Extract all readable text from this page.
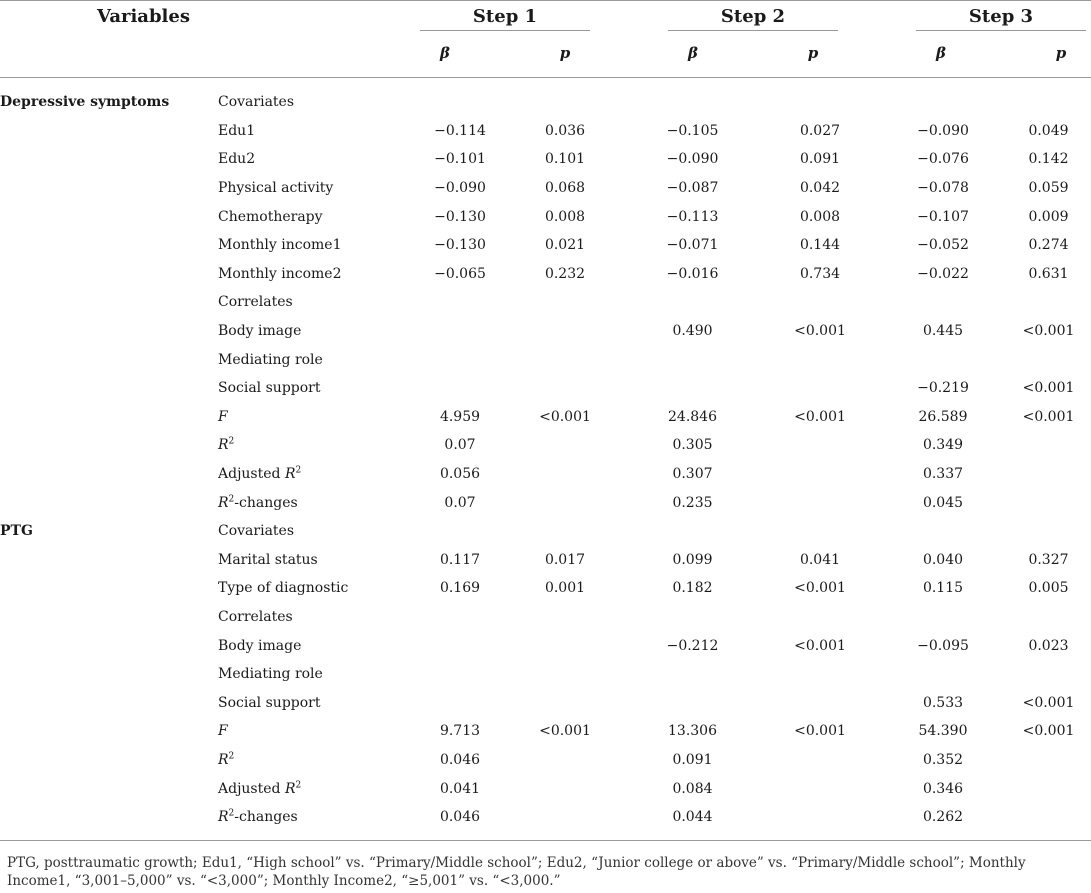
Variables	Step 1	Step 2	Step 3
β	p	β	p	β	p
Depressive symptoms	Covariates						
	Edu1	−0.114	0.036	−0.105	0.027	−0.090	0.049
	Edu2	−0.101	0.101	−0.090	0.091	−0.076	0.142
	Physical activity	−0.090	0.068	−0.087	0.042	−0.078	0.059
	Chemotherapy	−0.130	0.008	−0.113	0.008	−0.107	0.009
	Monthly income1	−0.130	0.021	−0.071	0.144	−0.052	0.274
	Monthly income2	−0.065	0.232	−0.016	0.734	−0.022	0.631
	Correlates						
	Body image			0.490	<0.001	0.445	<0.001
	Mediating role						
	Social support					−0.219	<0.001
	F	4.959	<0.001	24.846	<0.001	26.589	<0.001
	$R^2$	0.07		0.305		0.349	
	Adjusted $R^2$	0.056		0.307		0.337	
	$R^2$-changes	0.07		0.235		0.045	
PTG	Covariates						
	Marital status	0.117	0.017	0.099	0.041	0.040	0.327
	Type of diagnostic	0.169	0.001	0.182	<0.001	0.115	0.005
	Correlates						
	Body image			−0.212	<0.001	−0.095	0.023
	Mediating role						
	Social support					0.533	<0.001
	F	9.713	<0.001	13.306	<0.001	54.390	<0.001
	$R^2$	0.046		0.091		0.352	
	Adjusted $R^2$	0.041		0.084		0.346	
	$R^2$-changes	0.046		0.044		0.262	
PTG, posttraumatic growth; Edu1, “High school” vs. “Primary/Middle school”; Edu2, “Junior college or above” vs. “Primary/Middle school”; Monthly Income1, “3,001–5,000” vs. “<3,000”; Monthly Income2, “≥5,001” vs. “<3,000.”
